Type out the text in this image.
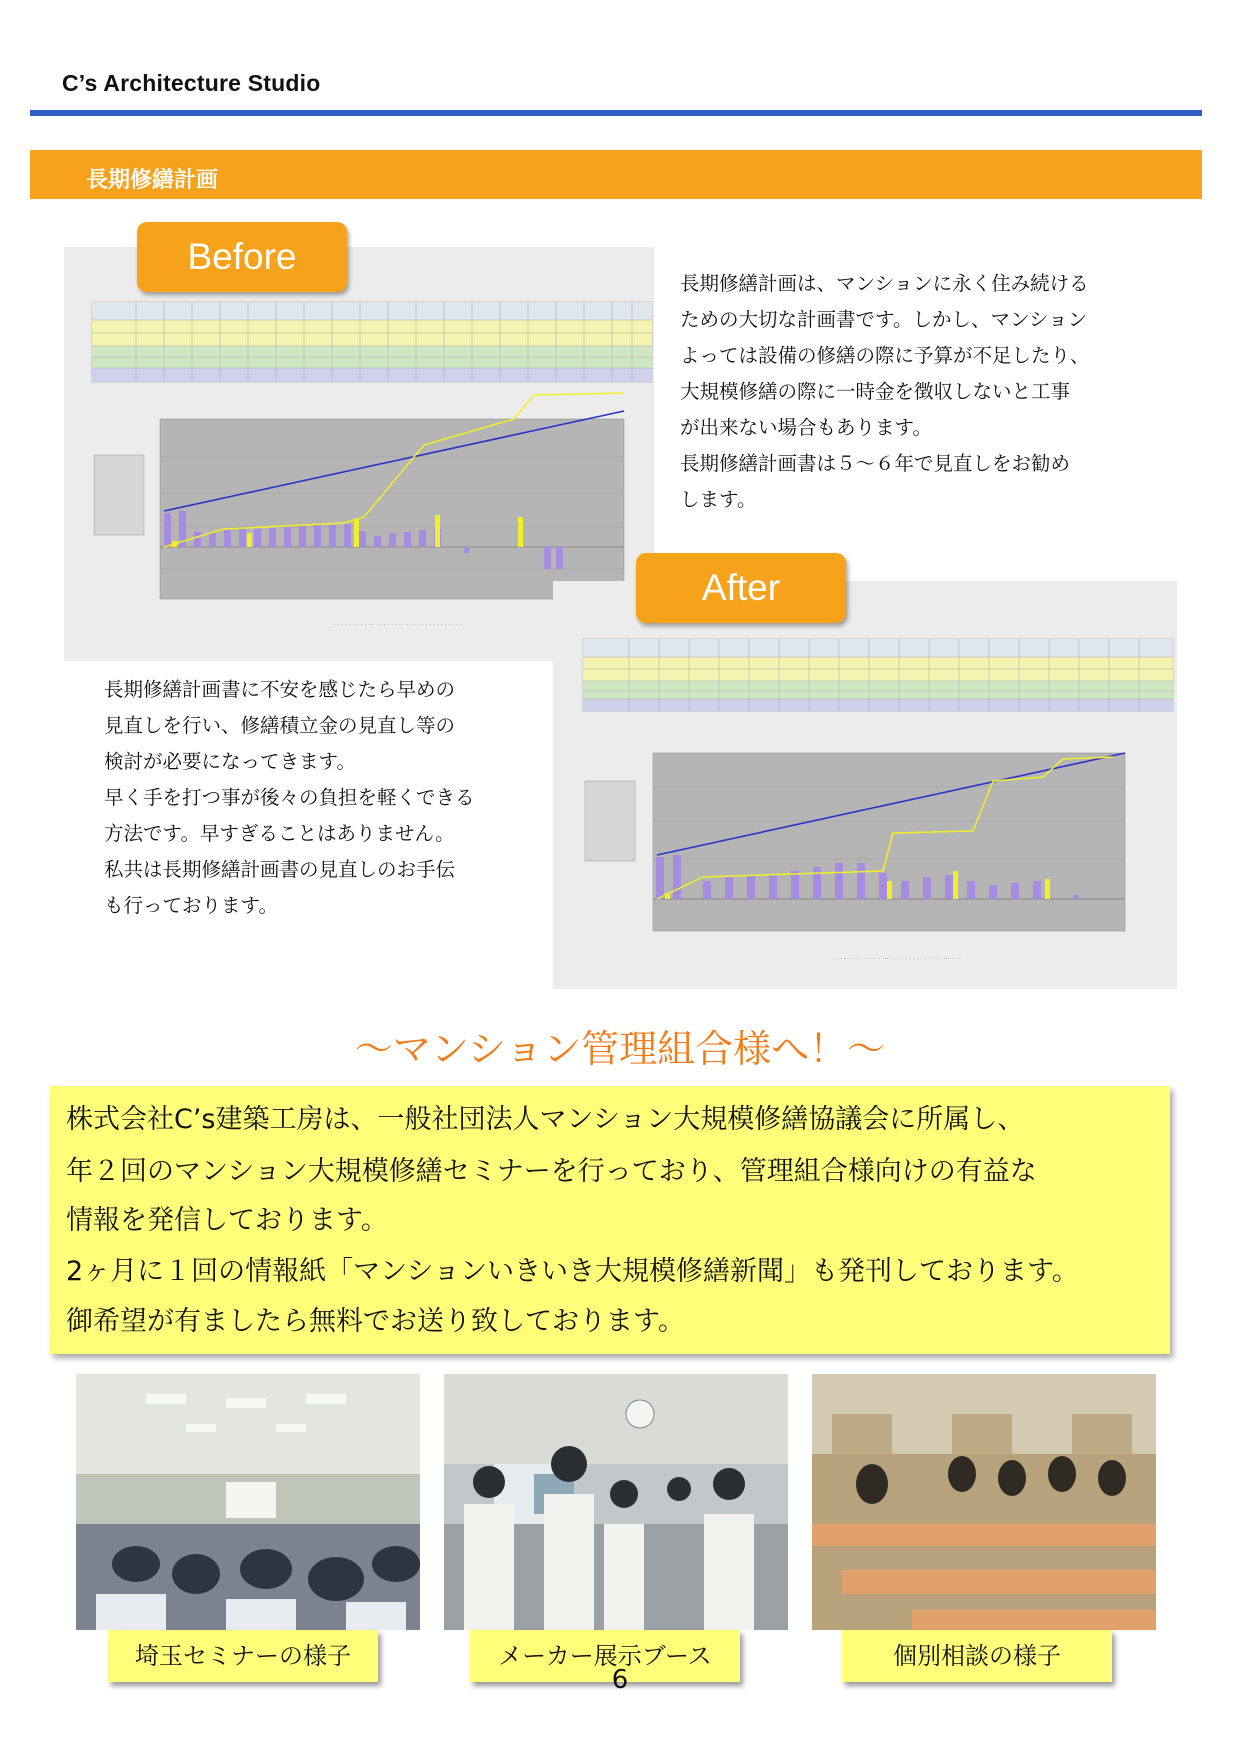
C’s Architecture Studio
長期修繕計画
· · · · · · · · · · · · · · · · · · · · · · · · · · · · · · · · · ·
Before
長期修繕計画は、マンションに永く住み続ける
ための大切な計画書です。しかし、マンション
よっては設備の修繕の際に予算が不足したり、
大規模修繕の際に一時金を徴収しないと工事
が出来ない場合もあります。
長期修繕計画書は５～６年で見直しをお勧め
します。
· · · · · · · · · · · · · · · · · · · · · · · · · · · · · · · · · ·
After
長期修繕計画書に不安を感じたら早めの
見直しを行い、修繕積立金の見直し等の
検討が必要になってきます。
早く手を打つ事が後々の負担を軽くできる
方法です。早すぎることはありません。
私共は長期修繕計画書の見直しのお手伝
も行っております。
～マンション管理組合様へ！～
株式会社C’s建築工房は、一般社団法人マンション大規模修繕協議会に所属し、
年２回のマンション大規模修繕セミナーを行っており、管理組合様向けの有益な
情報を発信しております。
2ヶ月に１回の情報紙「マンションいきいき大規模修繕新聞」も発刊しております。
御希望が有ましたら無料でお送り致しております。
埼玉セミナーの様子	メーカー展示ブース	個別相談の様子
6
